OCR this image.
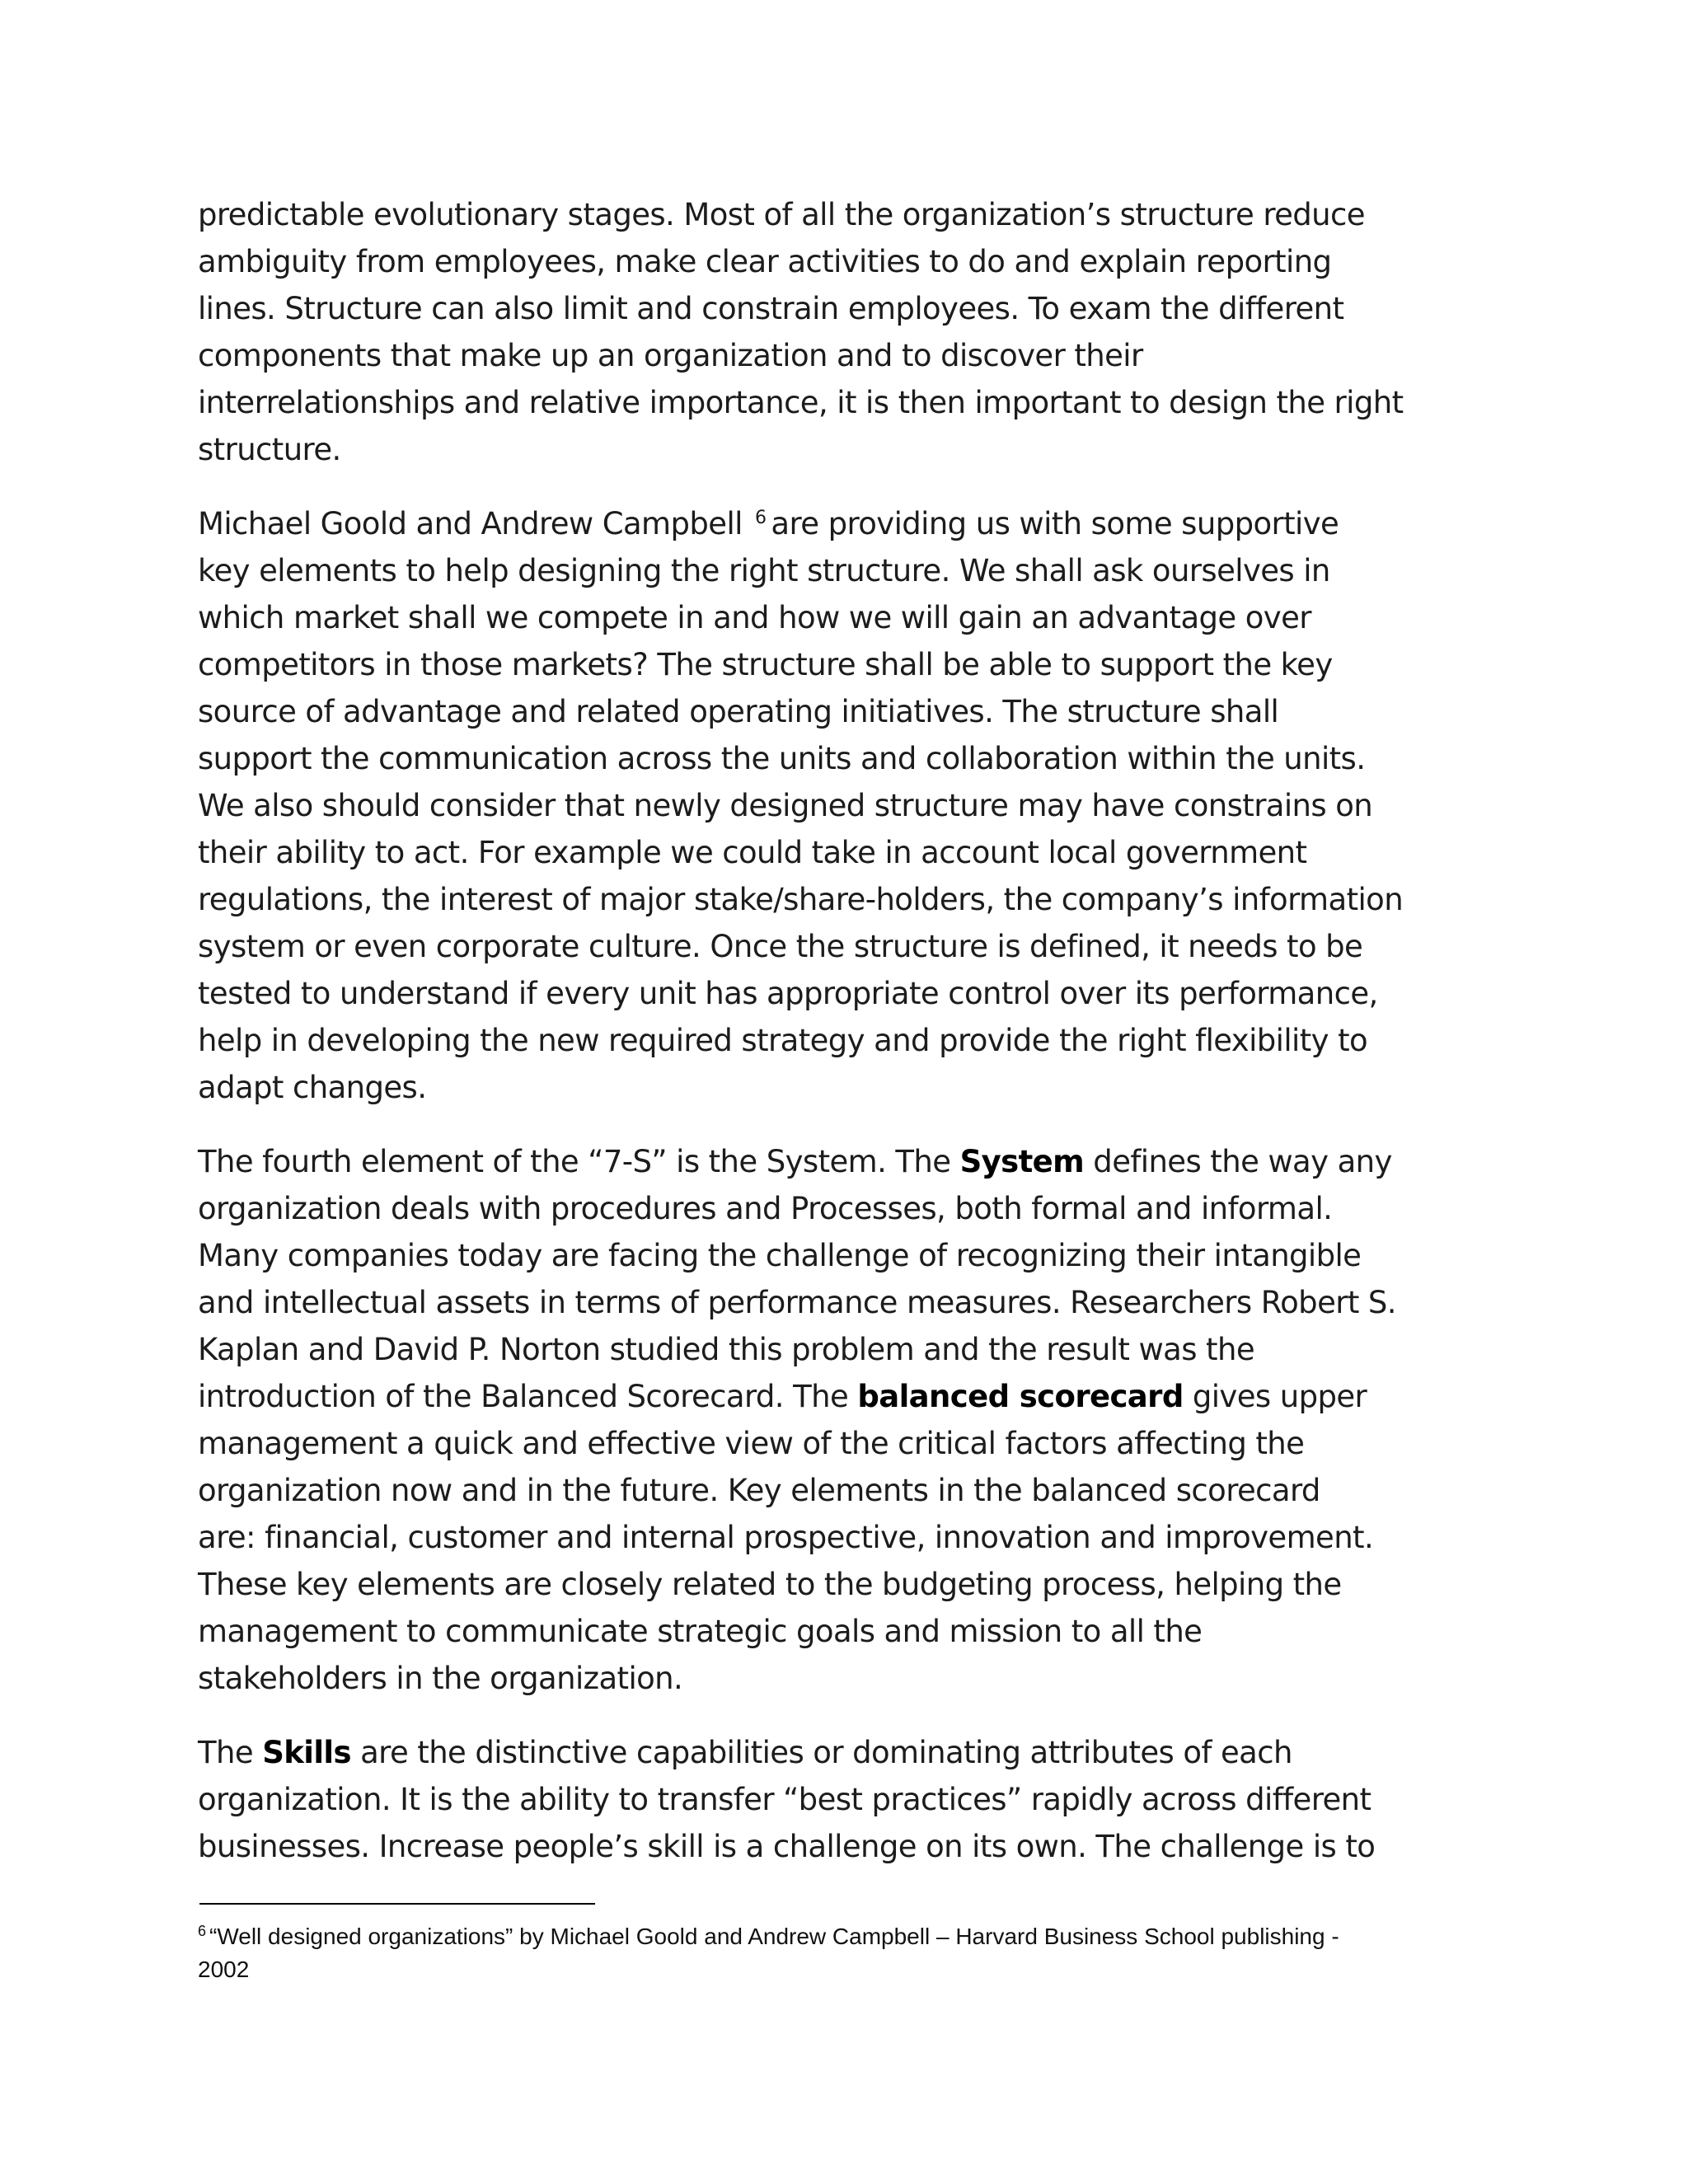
predictable evolutionary stages. Most of all the organization’s structure reduce
ambiguity from employees, make clear activities to do and explain reporting
lines. Structure can also limit and constrain employees. To exam the different
components that make up an organization and to discover their
interrelationships and relative importance, it is then important to design the right
structure.

Michael Goold and Andrew Campbell $^6$ are providing us with some supportive
key elements to help designing the right structure. We shall ask ourselves in
which market shall we compete in and how we will gain an advantage over
competitors in those markets? The structure shall be able to support the key
source of advantage and related operating initiatives. The structure shall
support the communication across the units and collaboration within the units.
We also should consider that newly designed structure may have constrains on
their ability to act. For example we could take in account local government
regulations, the interest of major stake/share-holders, the company’s information
system or even corporate culture. Once the structure is defined, it needs to be
tested to understand if every unit has appropriate control over its performance,
help in developing the new required strategy and provide the right flexibility to
adapt changes.

The fourth element of the “7-S” is the System. The System defines the way any
organization deals with procedures and Processes, both formal and informal.
Many companies today are facing the challenge of recognizing their intangible
and intellectual assets in terms of performance measures. Researchers Robert S.
Kaplan and David P. Norton studied this problem and the result was the
introduction of the Balanced Scorecard. The balanced scorecard gives upper
management a quick and effective view of the critical factors affecting the
organization now and in the future. Key elements in the balanced scorecard
are: financial, customer and internal prospective, innovation and improvement.
These key elements are closely related to the budgeting process, helping the
management to communicate strategic goals and mission to all the
stakeholders in the organization.

The Skills are the distinctive capabilities or dominating attributes of each
organization. It is the ability to transfer “best practices” rapidly across different
businesses. Increase people’s skill is a challenge on its own. The challenge is to

$^6$ “Well designed organizations” by Michael Goold and Andrew Campbell – Harvard Business School publishing -
2002
